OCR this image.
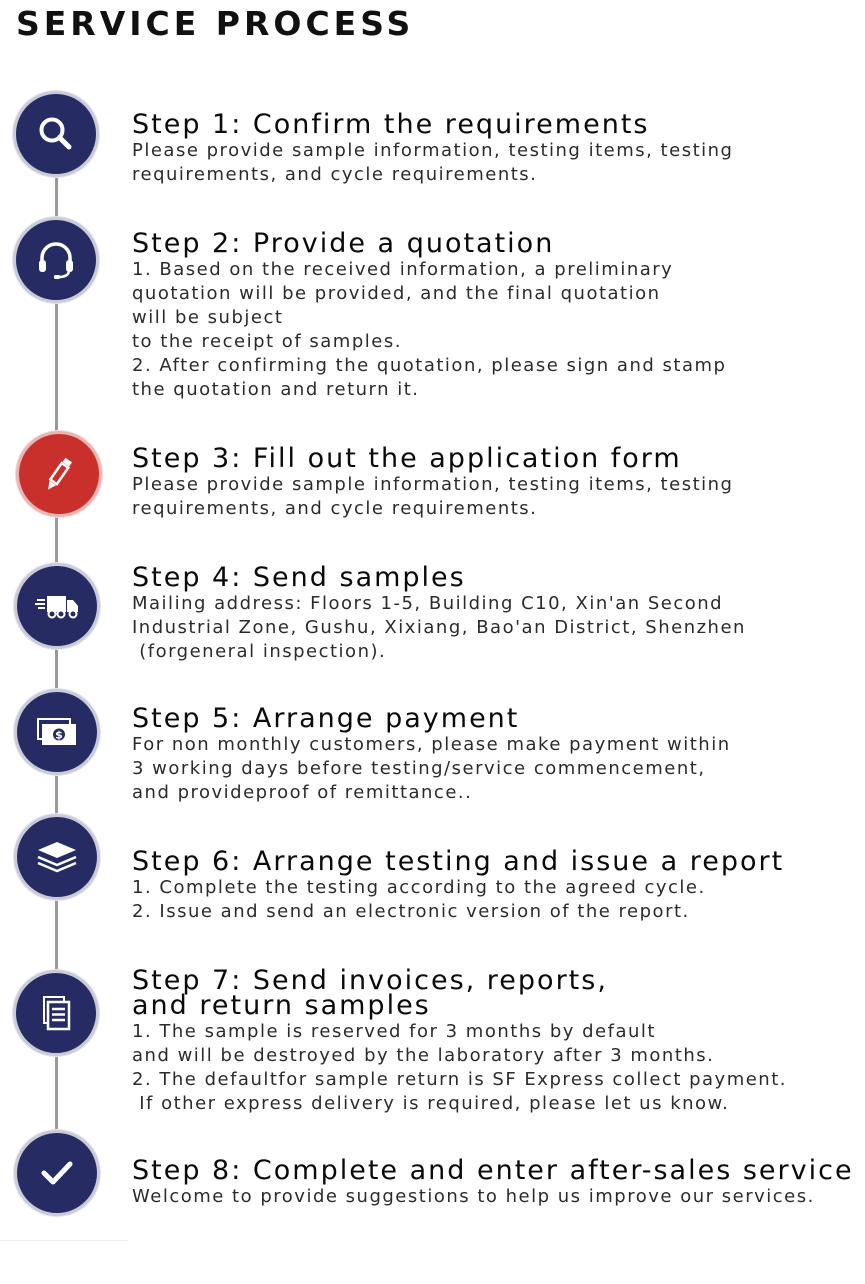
SERVICE PROCESS
Step 1: Confirm the requirements
Please provide sample information, testing items, testing
requirements, and cycle requirements.
Step 2: Provide a quotation
1. Based on the received information, a preliminary
quotation will be provided, and the final quotation
will be subject
to the receipt of samples.
2. After confirming the quotation, please sign and stamp
the quotation and return it.
Step 3: Fill out the application form
Please provide sample information, testing items, testing
requirements, and cycle requirements.
Step 4: Send samples
Mailing address: Floors 1-5, Building C10, Xin'an Second
Industrial Zone, Gushu, Xixiang, Bao'an District, Shenzhen
(forgeneral inspection).
$
Step 5: Arrange payment
For non monthly customers, please make payment within
3 working days before testing/service commencement,
and provideproof of remittance..
Step 6: Arrange testing and issue a report
1. Complete the testing according to the agreed cycle.
2. Issue and send an electronic version of the report.
Step 7: Send invoices, reports,
and return samples
1. The sample is reserved for 3 months by default
and will be destroyed by the laboratory after 3 months.
2. The defaultfor sample return is SF Express collect payment.
If other express delivery is required, please let us know.
Step 8: Complete and enter after-sales service
Welcome to provide suggestions to help us improve our services.
